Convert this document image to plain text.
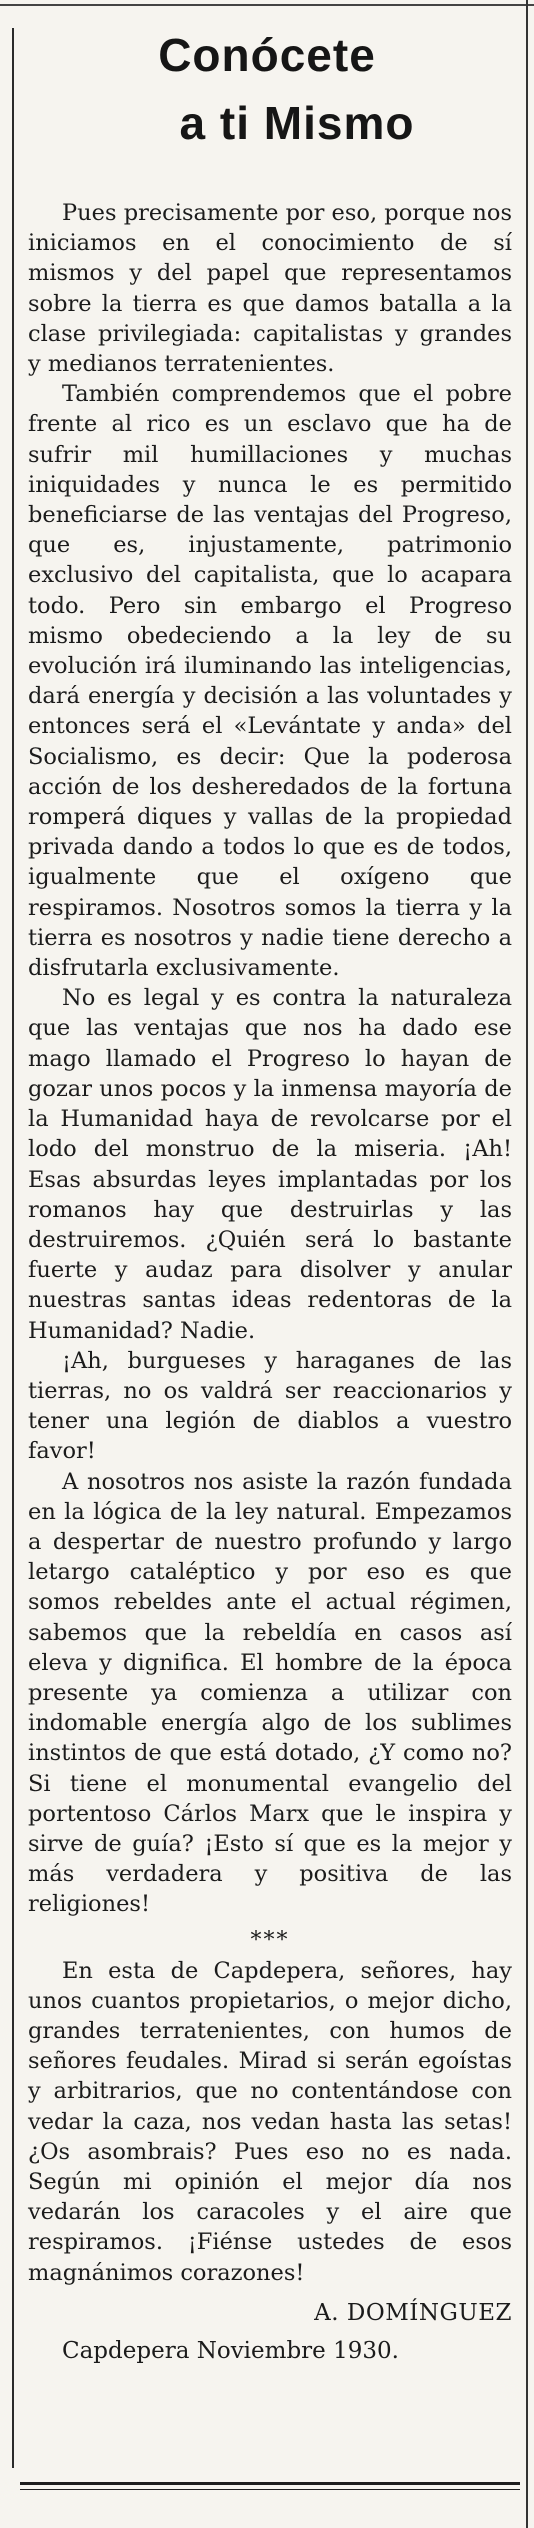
Conócete
a ti Mismo

Pues precisamente por eso, porque nos iniciamos en el conocimiento de sí mismos y del papel que representamos sobre la tierra es que damos batalla a la clase privilegiada: capitalistas y grandes y medianos terratenientes.

También comprendemos que el pobre frente al rico es un esclavo que ha de sufrir mil humillaciones y muchas iniquidades y nunca le es permitido beneficiarse de las ventajas del Progreso, que es, injustamente, patrimonio exclusivo del capitalista, que lo acapara todo. Pero sin embargo el Progreso mismo obedeciendo a la ley de su evolución irá iluminando las inteligencias, dará energía y decisión a las voluntades y entonces será el «Levántate y anda» del Socialismo, es decir: Que la poderosa acción de los desheredados de la fortuna romperá diques y vallas de la propiedad privada dando a todos lo que es de todos, igualmente que el oxígeno que respiramos. Nosotros somos la tierra y la tierra es nosotros y nadie tiene derecho a disfrutarla exclusivamente.

No es legal y es contra la naturaleza que las ventajas que nos ha dado ese mago llamado el Progreso lo hayan de gozar unos pocos y la inmensa mayoría de la Humanidad haya de revolcarse por el lodo del monstruo de la miseria. ¡Ah! Esas absurdas leyes implantadas por los romanos hay que destruirlas y las destruiremos. ¿Quién será lo bastante fuerte y audaz para disolver y anular nuestras santas ideas redentoras de la Humanidad? Nadie.

¡Ah, burgueses y haraganes de las tierras, no os valdrá ser reaccionarios y tener una legión de diablos a vuestro favor!

A nosotros nos asiste la razón fundada en la lógica de la ley natural. Empezamos a despertar de nuestro profundo y largo letargo cataléptico y por eso es que somos rebeldes ante el actual régimen, sabemos que la rebeldía en casos así eleva y dignifica. El hombre de la época presente ya comienza a utilizar con indomable energía algo de los sublimes instintos de que está dotado, ¿Y como no? Si tiene el monumental evangelio del portentoso Cárlos Marx que le inspira y sirve de guía? ¡Esto sí que es la mejor y más verdadera y positiva de las religiones!

***

En esta de Capdepera, señores, hay unos cuantos propietarios, o mejor dicho, grandes terratenientes, con humos de señores feudales. Mirad si serán egoístas y arbitrarios, que no contentándose con vedar la caza, nos vedan hasta las setas! ¿Os asombrais? Pues eso no es nada. Según mi opinión el mejor día nos vedarán los caracoles y el aire que respiramos. ¡Fiénse ustedes de esos magnánimos corazones!

A. DOMÍNGUEZ
Capdepera Noviembre 1930.
